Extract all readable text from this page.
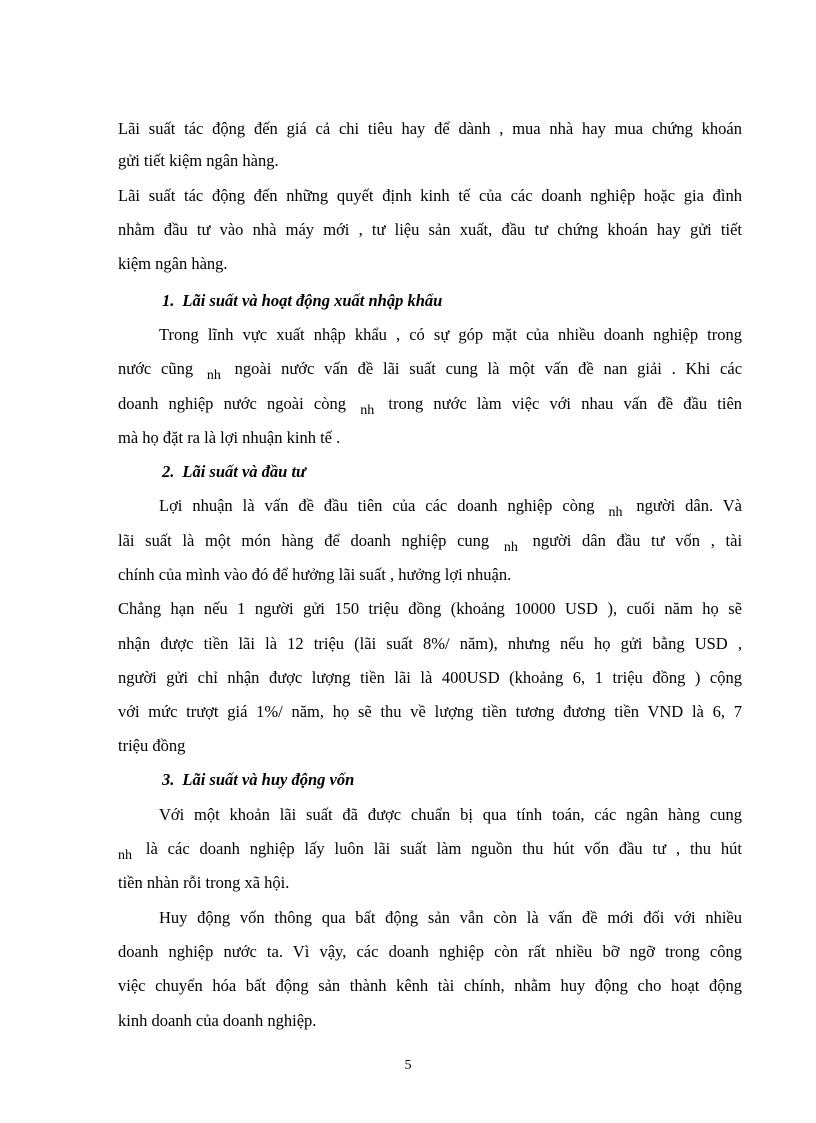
Lãi suất tác động đến giá cả chi tiêu hay để dành , mua nhà hay mua chứng khoán
gửi tiết kiệm ngân hàng.
Lãi suất tác động đến những quyết định kinh tế của các doanh nghiệp hoặc gia đình
nhằm đầu tư vào nhà máy mới , tư liệu sản xuất, đầu tư chứng khoán hay gửi tiết
kiệm ngân hàng.
1. Lãi suất và hoạt động xuất nhập khẩu
Trong lĩnh vực xuất nhập khẩu , có sự góp mặt của nhiều doanh nghiệp trong
nước cũng $_{nh}$ ngoài nước vấn đề lãi suất cung là một vấn đề nan giải . Khi các
doanh nghiệp nước ngoài còng $_{nh}$ trong nước làm việc với nhau vấn đề đầu tiên
mà họ đặt ra là lợi nhuận kinh tế .
2. Lãi suất và đầu tư
Lợi nhuận là vấn đề đầu tiên của các doanh nghiệp còng $_{nh}$ người dân. Và
lãi suất là một món hàng để doanh nghiệp cung $_{nh}$ người dân đầu tư vốn , tài
chính của mình vào đó để hưởng lãi suất , hưởng lợi nhuận.
Chẳng hạn nếu 1 người gửi 150 triệu đồng (khoảng 10000 USD ), cuối năm họ sẽ
nhận được tiền lãi là 12 triệu (lãi suất 8%/ năm), nhưng nếu họ gửi bằng USD ,
người gửi chỉ nhận được lượng tiền lãi là 400USD (khoảng 6, 1 triệu đồng ) cộng
với mức trượt giá 1%/ năm, họ sẽ thu về lượng tiền tương đương tiền VND là 6, 7
triệu đồng
3. Lãi suất và huy động vốn
Với một khoản lãi suất đã được chuẩn bị qua tính toán, các ngân hàng cung
$_{nh}$ là các doanh nghiệp lấy luôn lãi suất làm nguồn thu hút vốn đầu tư , thu hút
tiền nhàn rỗi trong xã hội.
Huy động vốn thông qua bất động sản vẫn còn là vấn đề mới đối với nhiều
doanh nghiệp nước ta. Vì vậy, các doanh nghiệp còn rất nhiều bỡ ngỡ trong công
việc chuyển hóa bất động sản thành kênh tài chính, nhằm huy động cho hoạt động
kinh doanh của doanh nghiệp.
5
